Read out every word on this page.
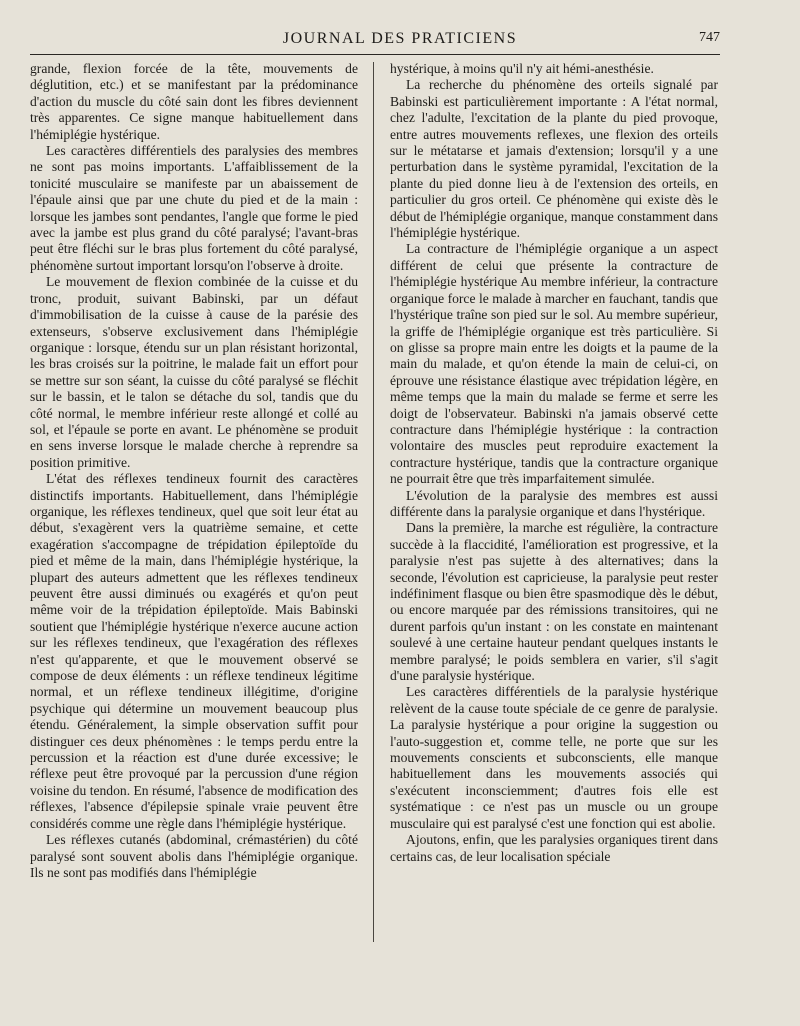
JOURNAL DES PRATICIENS	747

grande, flexion forcée de la tête, mouvements de déglutition, etc.) et se manifestant par la prédominance d'action du muscle du côté sain dont les fibres deviennent très apparentes. Ce signe manque habituellement dans l'hémiplégie hystérique.

Les caractères différentiels des paralysies des membres ne sont pas moins importants. L'affaiblissement de la tonicité musculaire se manifeste par un abaissement de l'épaule ainsi que par une chute du pied et de la main : lorsque les jambes sont pendantes, l'angle que forme le pied avec la jambe est plus grand du côté paralysé; l'avant-bras peut être fléchi sur le bras plus fortement du côté paralysé, phénomène surtout important lorsqu'on l'observe à droite.

Le mouvement de flexion combinée de la cuisse et du tronc, produit, suivant Babinski, par un défaut d'immobilisation de la cuisse à cause de la parésie des extenseurs, s'observe exclusivement dans l'hémiplégie organique : lorsque, étendu sur un plan résistant horizontal, les bras croisés sur la poitrine, le malade fait un effort pour se mettre sur son séant, la cuisse du côté paralysé se fléchit sur le bassin, et le talon se détache du sol, tandis que du côté normal, le membre inférieur reste allongé et collé au sol, et l'épaule se porte en avant. Le phénomène se produit en sens inverse lorsque le malade cherche à reprendre sa position primitive.

L'état des réflexes tendineux fournit des caractères distinctifs importants. Habituellement, dans l'hémiplégie organique, les réflexes tendineux, quel que soit leur état au début, s'exagèrent vers la quatrième semaine, et cette exagération s'accompagne de trépidation épileptoïde du pied et même de la main, dans l'hémiplégie hystérique, la plupart des auteurs admettent que les réflexes tendineux peuvent être aussi diminués ou exagérés et qu'on peut même voir de la trépidation épileptoïde. Mais Babinski soutient que l'hémiplégie hystérique n'exerce aucune action sur les réflexes tendineux, que l'exagération des réflexes n'est qu'apparente, et que le mouvement observé se compose de deux éléments : un réflexe tendineux légitime normal, et un réflexe tendineux illégitime, d'origine psychique qui détermine un mouvement beaucoup plus étendu. Généralement, la simple observation suffit pour distinguer ces deux phénomènes : le temps perdu entre la percussion et la réaction est d'une durée excessive; le réflexe peut être provoqué par la percussion d'une région voisine du tendon. En résumé, l'absence de modification des réflexes, l'absence d'épilepsie spinale vraie peuvent être considérés comme une règle dans l'hémiplégie hystérique.

Les réflexes cutanés (abdominal, crémastérien) du côté paralysé sont souvent abolis dans l'hémiplégie organique. Ils ne sont pas modifiés dans l'hémiplégie

hystérique, à moins qu'il n'y ait hémi-anesthésie.

La recherche du phénomène des orteils signalé par Babinski est particulièrement importante : A l'état normal, chez l'adulte, l'excitation de la plante du pied provoque, entre autres mouvements reflexes, une flexion des orteils sur le métatarse et jamais d'extension; lorsqu'il y a une perturbation dans le système pyramidal, l'excitation de la plante du pied donne lieu à de l'extension des orteils, en particulier du gros orteil. Ce phénomène qui existe dès le début de l'hémiplégie organique, manque constamment dans l'hémiplégie hystérique.

La contracture de l'hémiplégie organique a un aspect différent de celui que présente la contracture de l'hémiplégie hystérique Au membre inférieur, la contracture organique force le malade à marcher en fauchant, tandis que l'hystérique traîne son pied sur le sol. Au membre supérieur, la griffe de l'hémiplégie organique est très particulière. Si on glisse sa propre main entre les doigts et la paume de la main du malade, et qu'on étende la main de celui-ci, on éprouve une résistance élastique avec trépidation légère, en même temps que la main du malade se ferme et serre les doigt de l'observateur. Babinski n'a jamais observé cette contracture dans l'hémiplégie hystérique : la contraction volontaire des muscles peut reproduire exactement la contracture hystérique, tandis que la contracture organique ne pourrait être que très imparfaitement simulée.

L'évolution de la paralysie des membres est aussi différente dans la paralysie organique et dans l'hystérique.

Dans la première, la marche est régulière, la contracture succède à la flaccidité, l'amélioration est progressive, et la paralysie n'est pas sujette à des alternatives; dans la seconde, l'évolution est capricieuse, la paralysie peut rester indéfiniment flasque ou bien être spasmodique dès le début, ou encore marquée par des rémissions transitoires, qui ne durent parfois qu'un instant : on les constate en maintenant soulevé à une certaine hauteur pendant quelques instants le membre paralysé; le poids semblera en varier, s'il s'agit d'une paralysie hystérique.

Les caractères différentiels de la paralysie hystérique relèvent de la cause toute spéciale de ce genre de paralysie. La paralysie hystérique a pour origine la suggestion ou l'auto-suggestion et, comme telle, ne porte que sur les mouvements conscients et subconscients, elle manque habituellement dans les mouvements associés qui s'exécutent inconsciemment; d'autres fois elle est systématique : ce n'est pas un muscle ou un groupe musculaire qui est paralysé c'est une fonction qui est abolie.

Ajoutons, enfin, que les paralysies organiques tirent dans certains cas, de leur localisation spéciale
